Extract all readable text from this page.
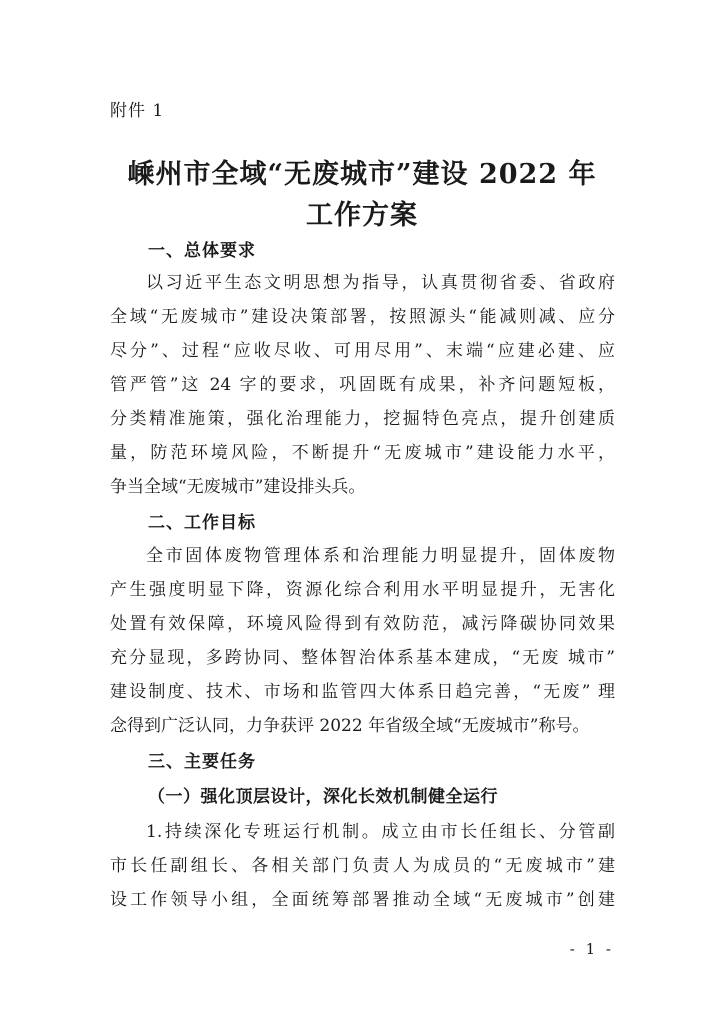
附件 1
嵊州市全域“无废城市”建设 2022 年
工作方案
一、总体要求
以习近平生态文明思想为指导，认真贯彻省委、省政府
全域“无废城市”建设决策部署，按照源头“能减则减、应分
尽分”、过程“应收尽收、可用尽用”、末端“应建必建、应
管严管”这 24 字的要求，巩固既有成果，补齐问题短板，
分类精准施策，强化治理能力，挖掘特色亮点，提升创建质
量，防范环境风险，不断提升“无废城市”建设能力水平，
争当全域“无废城市”建设排头兵。
二、工作目标
全市固体废物管理体系和治理能力明显提升，固体废物
产生强度明显下降，资源化综合利用水平明显提升，无害化
处置有效保障，环境风险得到有效防范，减污降碳协同效果
充分显现，多跨协同、整体智治体系基本建成，“无废 城市”
建设制度、技术、市场和监管四大体系日趋完善，“无废” 理
念得到广泛认同，力争获评 2022 年省级全域“无废城市”称号。
三、主要任务
（一）强化顶层设计，深化长效机制健全运行
1.持续深化专班运行机制。成立由市长任组长、分管副
市长任副组长、各相关部门负责人为成员的“无废城市”建
设工作领导小组，全面统筹部署推动全域“无废城市”创建
- 1 -
